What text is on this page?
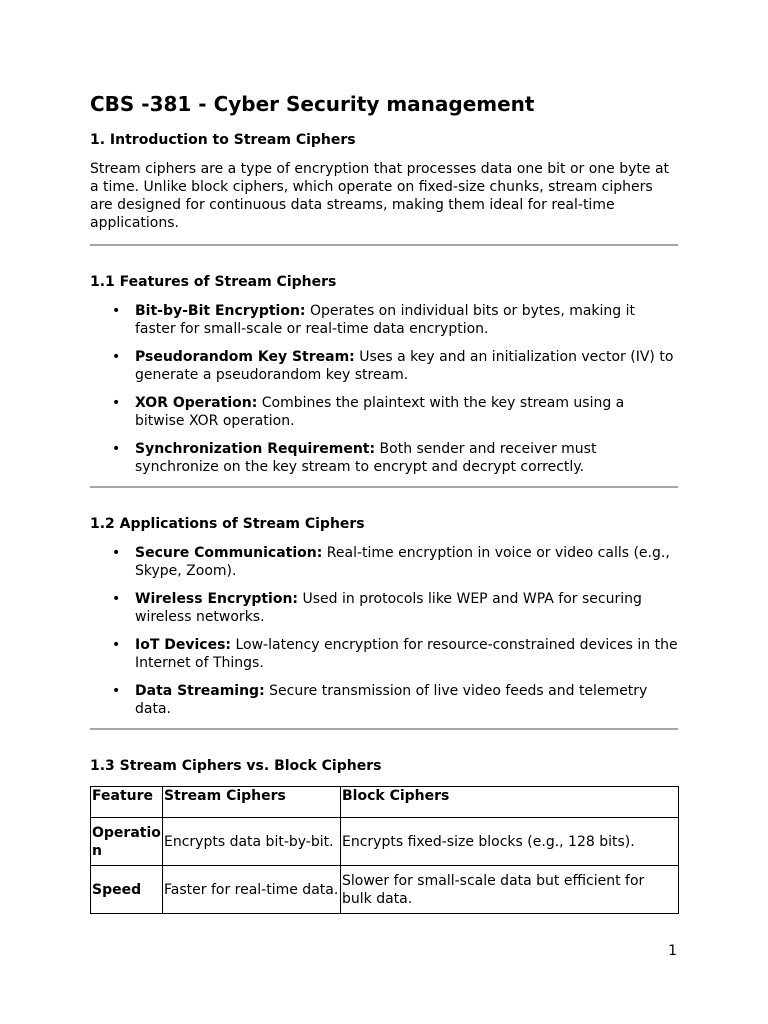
CBS -381 - Cyber Security management
1. Introduction to Stream Ciphers

Stream ciphers are a type of encryption that processes data one bit or one byte at a time. Unlike block ciphers, which operate on fixed-size chunks, stream ciphers are designed for continuous data streams, making them ideal for real-time applications.

1.1 Features of Stream Ciphers
• Bit-by-Bit Encryption: Operates on individual bits or bytes, making it faster for small-scale or real-time data encryption.
• Pseudorandom Key Stream: Uses a key and an initialization vector (IV) to generate a pseudorandom key stream.
• XOR Operation: Combines the plaintext with the key stream using a bitwise XOR operation.
• Synchronization Requirement: Both sender and receiver must synchronize on the key stream to encrypt and decrypt correctly.
1.2 Applications of Stream Ciphers
• Secure Communication: Real-time encryption in voice or video calls (e.g., Skype, Zoom).
• Wireless Encryption: Used in protocols like WEP and WPA for securing wireless networks.
• IoT Devices: Low-latency encryption for resource-constrained devices in the Internet of Things.
• Data Streaming: Secure transmission of live video feeds and telemetry data.
1.3 Stream Ciphers vs. Block Ciphers
Feature	Stream Ciphers	Block Ciphers
Operation	Encrypts data bit-by-bit.	Encrypts fixed-size blocks (e.g., 128 bits).
Speed	Faster for real-time data.	Slower for small-scale data but efficient for bulk data.
1
